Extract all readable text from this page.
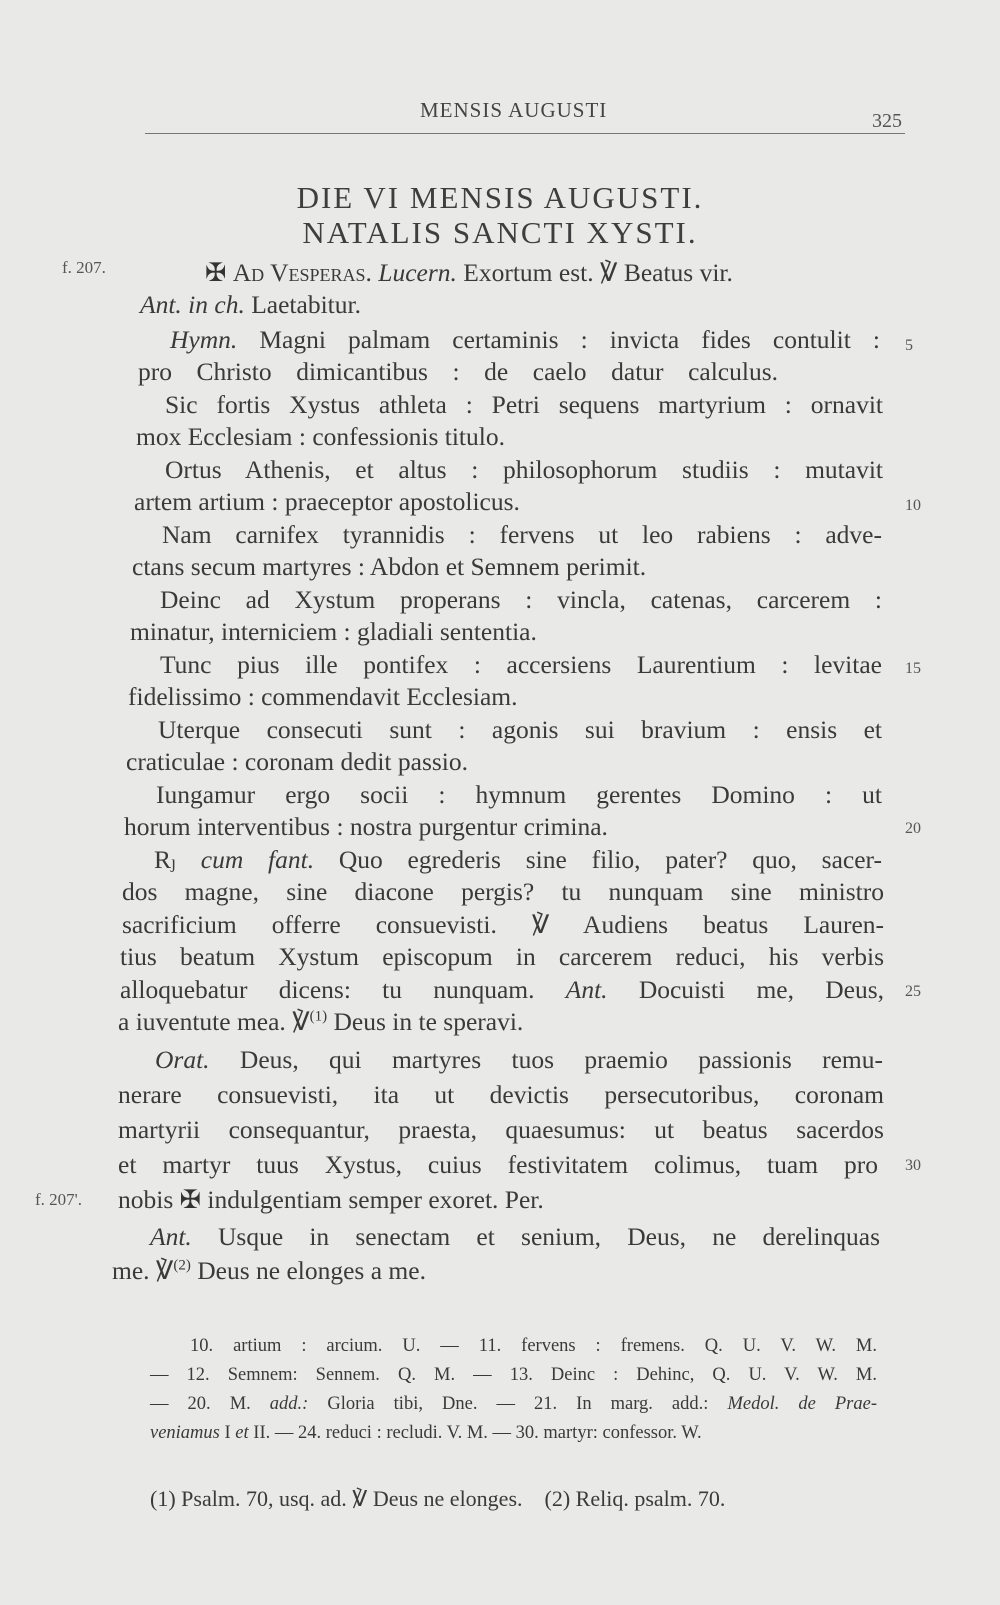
MENSIS AUGUSTI	325
DIE VI MENSIS AUGUSTI.
NATALIS SANCTI XYSTI.
f. 207.
f. 207'.
5
10
15
20
25
30
✠ Ad Vesperas. Lucern. Exortum est. ℣ Beatus vir.
Ant. in ch. Laetabitur.
Hymn. Magni palmam certaminis : invicta fides contulit :
pro Christo dimicantibus : de caelo datur calculus.
Sic fortis Xystus athleta : Petri sequens martyrium : ornavit
mox Ecclesiam : confessionis titulo.
Ortus Athenis, et altus : philosophorum studiis : mutavit
artem artium : praeceptor apostolicus.
Nam carnifex tyrannidis : fervens ut leo rabiens : adve-
ctans secum martyres : Abdon et Semnem perimit.
Deinc ad Xystum properans : vincla, catenas, carcerem :
minatur, interniciem : gladiali sententia.
Tunc pius ille pontifex : accersiens Laurentium : levitae
fidelissimo : commendavit Ecclesiam.
Uterque consecuti sunt : agonis sui bravium : ensis et
craticulae : coronam dedit passio.
Iungamur ergo socii : hymnum gerentes Domino : ut
horum interventibus : nostra purgentur crimina.
Rȷ cum fant. Quo egrederis sine filio, pater? quo, sacer-
dos magne, sine diacone pergis? tu nunquam sine ministro
sacrificium offerre consuevisti. ℣ Audiens beatus Lauren-
tius beatum Xystum episcopum in carcerem reduci, his verbis
alloquebatur dicens: tu nunquam. Ant. Docuisti me, Deus,
a iuventute mea. ℣$^{(1)}$ Deus in te speravi.
Orat. Deus, qui martyres tuos praemio passionis remu-
nerare consuevisti, ita ut devictis persecutoribus, coronam
martyrii consequantur, praesta, quaesumus: ut beatus sacerdos
et martyr tuus Xystus, cuius festivitatem colimus, tuam pro
nobis ✠ indulgentiam semper exoret. Per.
Ant. Usque in senectam et senium, Deus, ne derelinquas
me. ℣$^{(2)}$ Deus ne elonges a me.
10. artium : arcium. U. — 11. fervens : fremens. Q. U. V. W. M.
— 12. Semnem: Sennem. Q. M. — 13. Deinc : Dehinc, Q. U. V. W. M.
— 20. M. add.: Gloria tibi, Dne. — 21. In marg. add.: Medol. de Prae-
veniamus I et II. — 24. reduci : recludi. V. M. — 30. martyr: confessor. W.
(1) Psalm. 70, usq. ad. ℣ Deus ne elonges. (2) Reliq. psalm. 70.
